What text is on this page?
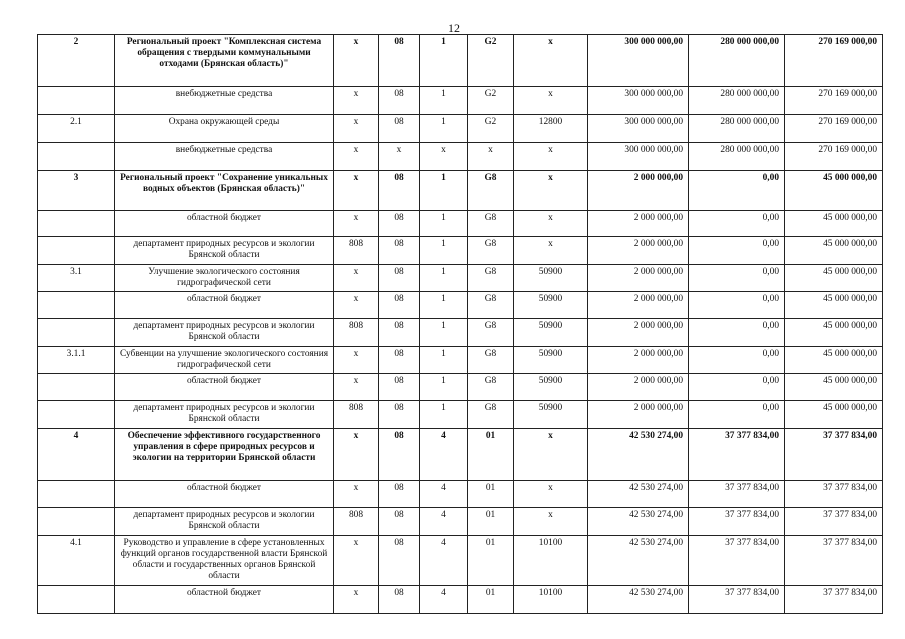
12
2	Региональный проект "Комплексная система обращения с твердыми коммунальными отходами (Брянская область)"	x	08	1	G2	x	300 000 000,00	280 000 000,00	270 169 000,00
	внебюджетные средства	x	08	1	G2	x	300 000 000,00	280 000 000,00	270 169 000,00
2.1	Охрана окружающей среды	x	08	1	G2	12800	300 000 000,00	280 000 000,00	270 169 000,00
	внебюджетные средства	x	x	x	x	x	300 000 000,00	280 000 000,00	270 169 000,00
3	Региональный проект "Сохранение уникальных водных объектов (Брянская область)"	x	08	1	G8	x	2 000 000,00	0,00	45 000 000,00
	областной бюджет	x	08	1	G8	x	2 000 000,00	0,00	45 000 000,00
	департамент природных ресурсов и экологии Брянской области	808	08	1	G8	x	2 000 000,00	0,00	45 000 000,00
3.1	Улучшение экологического состояния гидрографической сети	x	08	1	G8	50900	2 000 000,00	0,00	45 000 000,00
	областной бюджет	x	08	1	G8	50900	2 000 000,00	0,00	45 000 000,00
	департамент природных ресурсов и экологии Брянской области	808	08	1	G8	50900	2 000 000,00	0,00	45 000 000,00
3.1.1	Субвенции на улучшение экологического состояния гидрографической сети	x	08	1	G8	50900	2 000 000,00	0,00	45 000 000,00
	областной бюджет	x	08	1	G8	50900	2 000 000,00	0,00	45 000 000,00
	департамент природных ресурсов и экологии Брянской области	808	08	1	G8	50900	2 000 000,00	0,00	45 000 000,00
4	Обеспечение эффективного государственного управления в сфере природных ресурсов и экологии на территории Брянской области	x	08	4	01	x	42 530 274,00	37 377 834,00	37 377 834,00
	областной бюджет	x	08	4	01	x	42 530 274,00	37 377 834,00	37 377 834,00
	департамент природных ресурсов и экологии Брянской области	808	08	4	01	x	42 530 274,00	37 377 834,00	37 377 834,00
4.1	Руководство и управление в сфере установленных функций органов государственной власти Брянской области и государственных органов Брянской области	x	08	4	01	10100	42 530 274,00	37 377 834,00	37 377 834,00
	областной бюджет	x	08	4	01	10100	42 530 274,00	37 377 834,00	37 377 834,00
